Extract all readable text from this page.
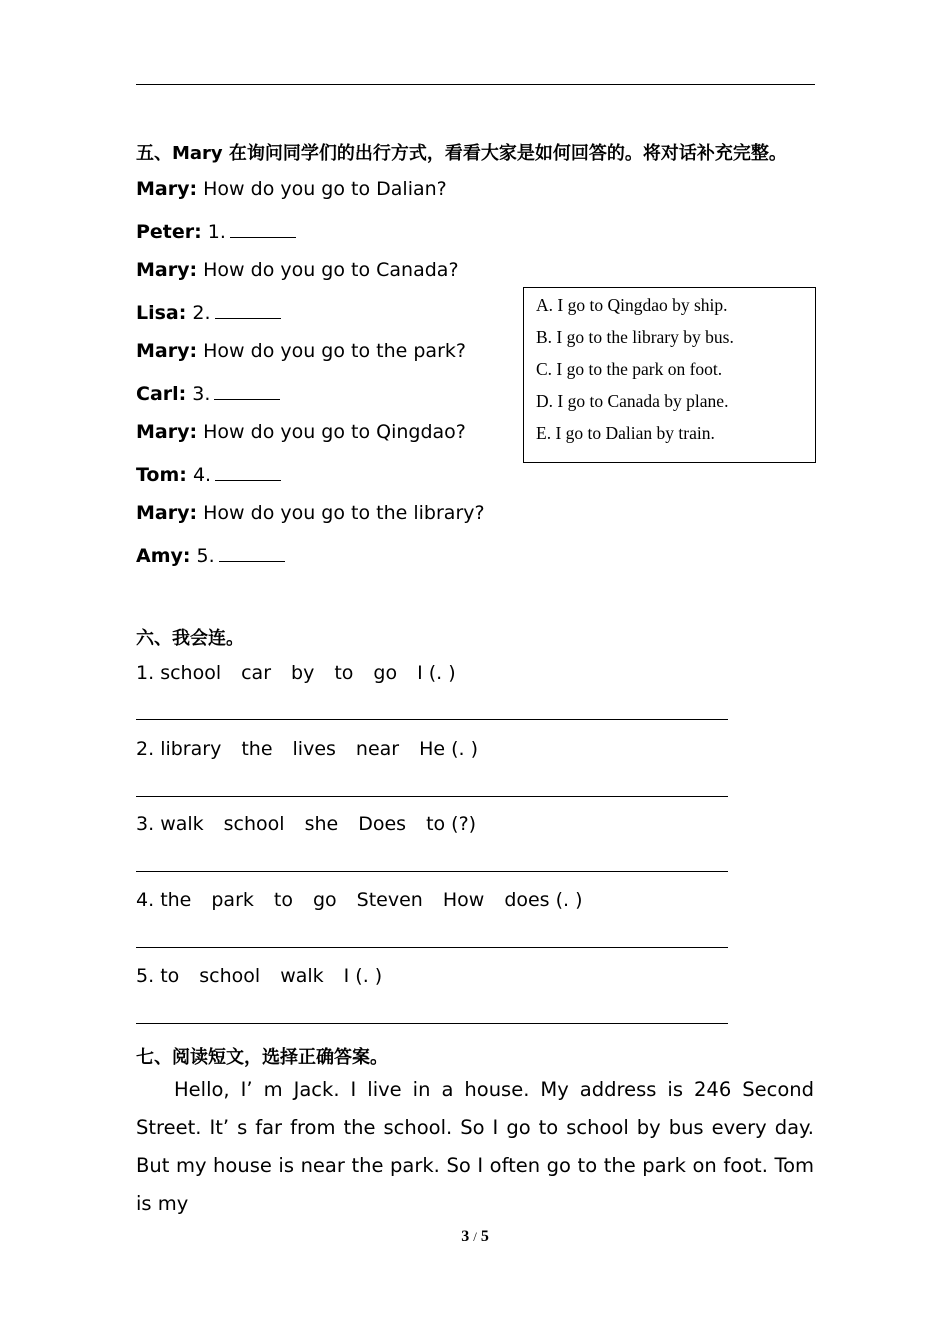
五、Mary 在询问同学们的出行方式，看看大家是如何回答的。将对话补充完整。
Mary: How do you go to Dalian?
Peter: 1.
Mary: How do you go to Canada?
Lisa: 2.
Mary: How do you go to the park?
Carl: 3.
Mary: How do you go to Qingdao?
Tom: 4.
Mary: How do you go to the library?
Amy: 5.
A. I go to Qingdao by ship.
B. I go to the library by bus.
C. I go to the park on foot.
D. I go to Canada by plane.
E. I go to Dalian by train.
六、我会连。
1. school car by to go I (. )
2. library the lives near He (. )
3. walk school she Does to (?)
4. the park to go Steven How does (. )
5. to school walk I (. )
七、阅读短文，选择正确答案。

Hello, I’ m Jack. I live in a house. My address is 246 Second Street. It’ s far from the school. So I go to school by bus every day. But my house is near the park. So I often go to the park on foot. Tom is my

3 / 5
